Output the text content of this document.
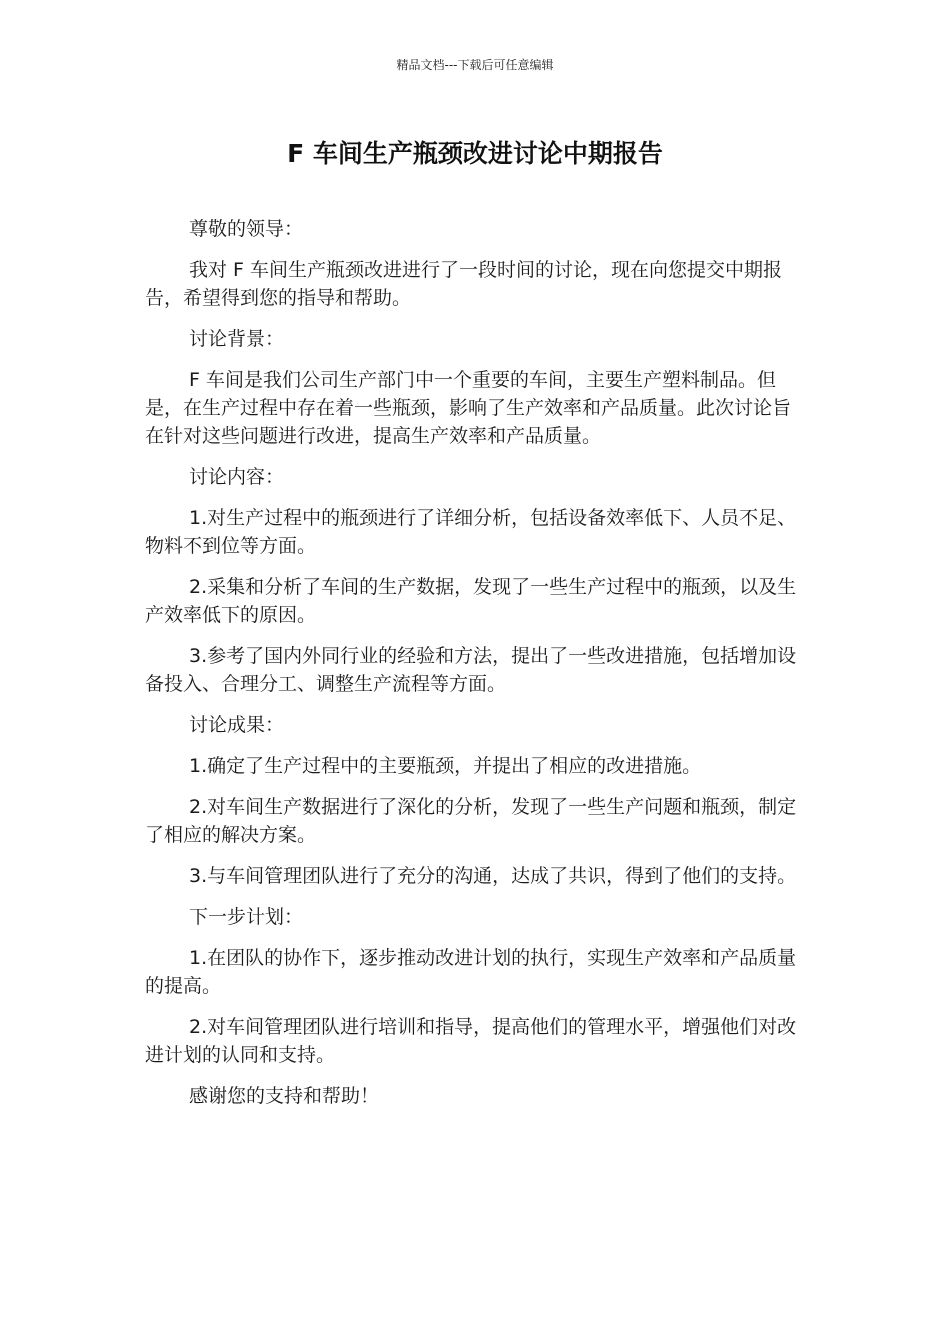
精品文档---下载后可任意编辑
F 车间生产瓶颈改进讨论中期报告

尊敬的领导：

我对 F 车间生产瓶颈改进进行了一段时间的讨论，现在向您提交中期报告，希望得到您的指导和帮助。

讨论背景：

F 车间是我们公司生产部门中一个重要的车间，主要生产塑料制品。但是，在生产过程中存在着一些瓶颈，影响了生产效率和产品质量。此次讨论旨在针对这些问题进行改进，提高生产效率和产品质量。

讨论内容：

1.对生产过程中的瓶颈进行了详细分析，包括设备效率低下、人员不足、物料不到位等方面。

2.采集和分析了车间的生产数据，发现了一些生产过程中的瓶颈，以及生产效率低下的原因。

3.参考了国内外同行业的经验和方法，提出了一些改进措施，包括增加设备投入、合理分工、调整生产流程等方面。

讨论成果：

1.确定了生产过程中的主要瓶颈，并提出了相应的改进措施。

2.对车间生产数据进行了深化的分析，发现了一些生产问题和瓶颈，制定了相应的解决方案。

3.与车间管理团队进行了充分的沟通，达成了共识，得到了他们的支持。

下一步计划：

1.在团队的协作下，逐步推动改进计划的执行，实现生产效率和产品质量的提高。

2.对车间管理团队进行培训和指导，提高他们的管理水平，增强他们对改进计划的认同和支持。

感谢您的支持和帮助！
